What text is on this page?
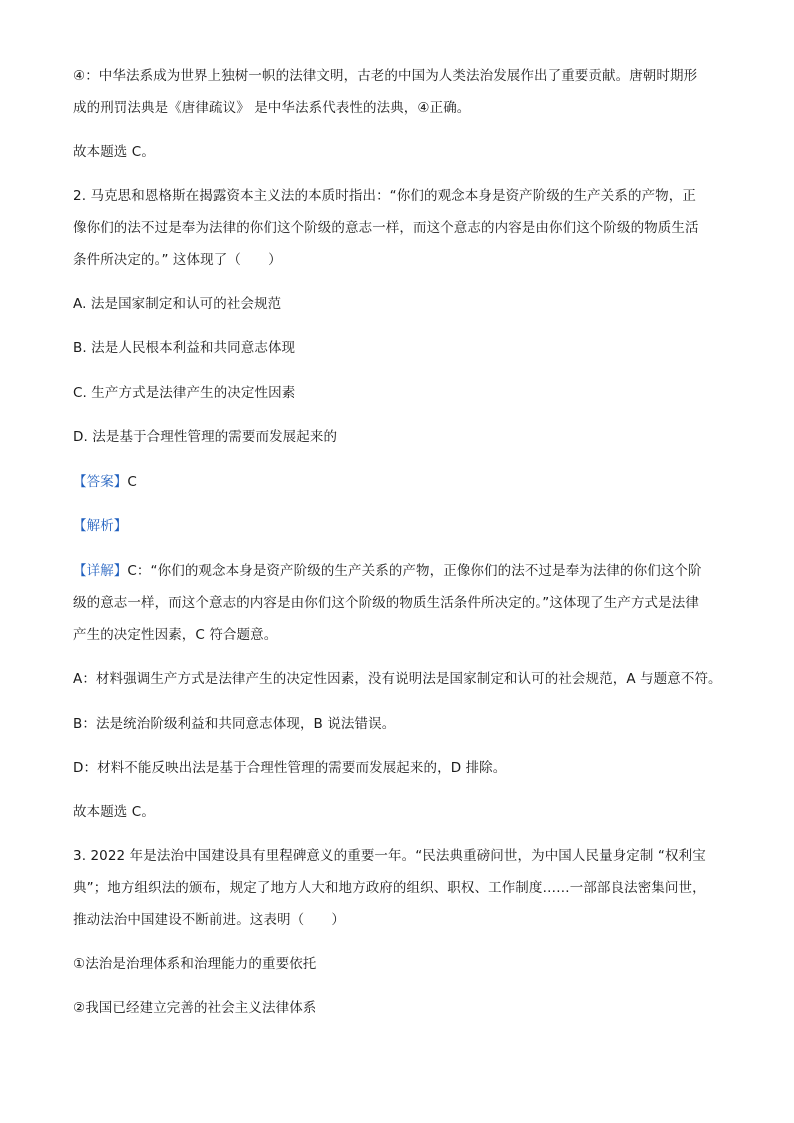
④：中华法系成为世界上独树一帜的法律文明，古老的中国为人类法治发展作出了重要贡献。唐朝时期形
成的刑罚法典是《唐律疏议》 是中华法系代表性的法典，④正确。
故本题选 C。
2. 马克思和恩格斯在揭露资本主义法的本质时指出：“你们的观念本身是资产阶级的生产关系的产物，正
像你们的法不过是奉为法律的你们这个阶级的意志一样，而这个意志的内容是由你们这个阶级的物质生活
条件所决定的。” 这体现了（　　）
A. 法是国家制定和认可的社会规范
B. 法是人民根本利益和共同意志体现
C. 生产方式是法律产生的决定性因素
D. 法是基于合理性管理的需要而发展起来的
【答案】C
【解析】
【详解】C：“你们的观念本身是资产阶级的生产关系的产物，正像你们的法不过是奉为法律的你们这个阶
级的意志一样，而这个意志的内容是由你们这个阶级的物质生活条件所决定的。”这体现了生产方式是法律
产生的决定性因素，C 符合题意。
A：材料强调生产方式是法律产生的决定性因素，没有说明法是国家制定和认可的社会规范，A 与题意不符。
B：法是统治阶级利益和共同意志体现，B 说法错误。
D：材料不能反映出法是基于合理性管理的需要而发展起来的，D 排除。
故本题选 C。
3. 2022 年是法治中国建设具有里程碑意义的重要一年。“民法典重磅问世，为中国人民量身定制 “权利宝
典”；地方组织法的颁布，规定了地方人大和地方政府的组织、职权、工作制度……一部部良法密集问世，
推动法治中国建设不断前进。这表明（　　）
①法治是治理体系和治理能力的重要依托
②我国已经建立完善的社会主义法律体系
